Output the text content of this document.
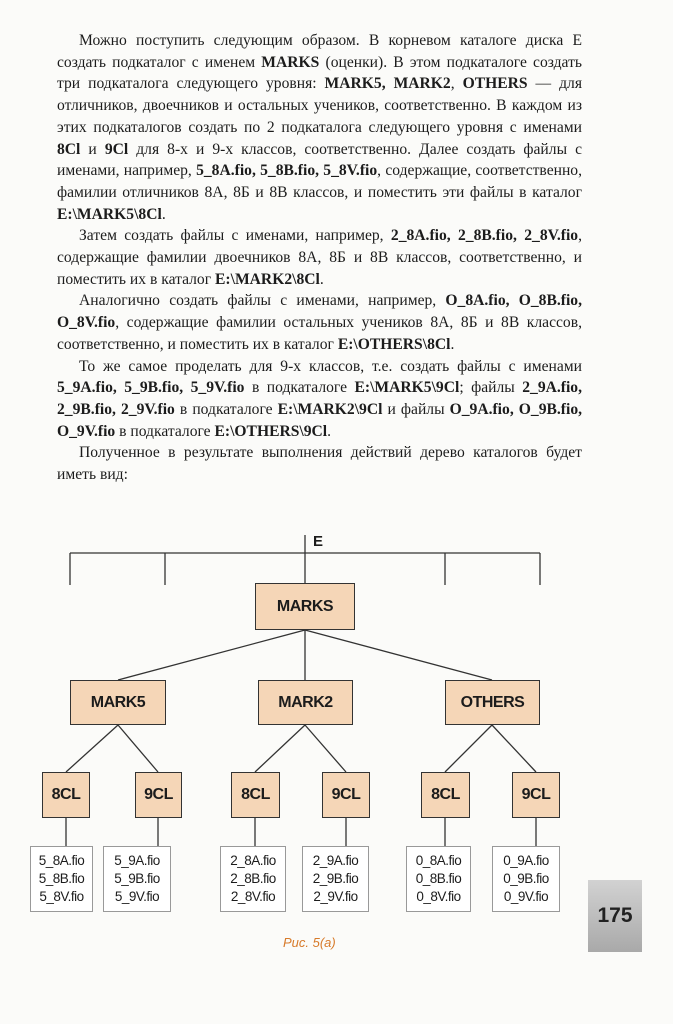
Можно поступить следующим образом. В корневом каталоге диска Е создать подкаталог с именем MARKS (оценки). В этом подкаталоге создать три подкаталога следующего уровня: MARK5, MARK2, OTHERS — для отличников, двоечников и остальных учеников, соответственно. В каждом из этих подкаталогов создать по 2 подкаталога следующего уровня с именами 8Cl и 9Cl для 8-х и 9-х классов, соответственно. Далее создать файлы с именами, например, 5_8A.fio, 5_8B.fio, 5_8V.fio, содержащие, соответственно, фамилии отличников 8А, 8Б и 8В классов, и поместить эти файлы в каталог E:\MARK5\8Cl.

Затем создать файлы с именами, например, 2_8A.fio, 2_8B.fio, 2_8V.fio, содержащие фамилии двоечников 8А, 8Б и 8В классов, соответственно, и поместить их в каталог E:\MARK2\8Cl.

Аналогично создать файлы с именами, например, O_8A.fio, O_8B.fio, O_8V.fio, содержащие фамилии остальных учеников 8А, 8Б и 8В классов, соответственно, и поместить их в каталог E:\OTHERS\8Cl.

То же самое проделать для 9-х классов, т.е. создать файлы с именами 5_9A.fio, 5_9B.fio, 5_9V.fio в подкаталоге E:\MARK5\9Cl; файлы 2_9A.fio, 2_9B.fio, 2_9V.fio в подкаталоге E:\MARK2\9Cl и файлы O_9A.fio, O_9B.fio, O_9V.fio в подкаталоге E:\OTHERS\9Cl.

Полученное в результате выполнения действий дерево каталогов будет иметь вид:

E
MARKS
MARK5	MARK2	OTHERS
8CL	9CL	8CL	9CL	8CL	9CL
5_8A.fio
5_8B.fio
5_8V.fio
5_9A.fio
5_9B.fio
5_9V.fio
2_8A.fio
2_8B.fio
2_8V.fio
2_9A.fio
2_9B.fio
2_9V.fio
0_8A.fio
0_8B.fio
0_8V.fio
0_9A.fio
0_9B.fio
0_9V.fio
Рис. 5(a)
175
